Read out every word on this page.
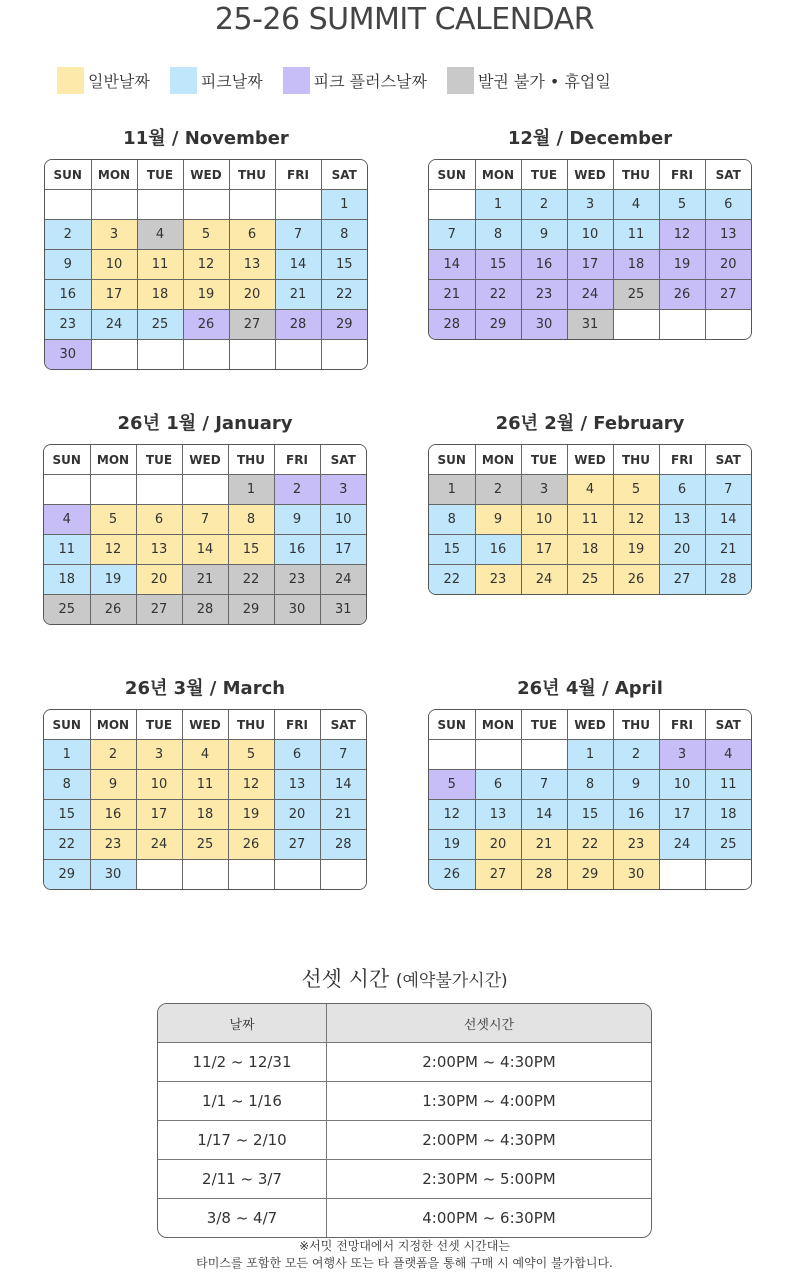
25-26 SUMMIT CALENDAR
일반날짜	피크날짜	피크 플러스날짜	발권 불가 • 휴업일
11월 / November
SUN	MON	TUE	WED	THU	FRI	SAT
						1
2	3	4	5	6	7	8
9	10	11	12	13	14	15
16	17	18	19	20	21	22
23	24	25	26	27	28	29
30						
12월 / December
SUN	MON	TUE	WED	THU	FRI	SAT
	1	2	3	4	5	6
7	8	9	10	11	12	13
14	15	16	17	18	19	20
21	22	23	24	25	26	27
28	29	30	31			
26년 1월 / January
SUN	MON	TUE	WED	THU	FRI	SAT
				1	2	3
4	5	6	7	8	9	10
11	12	13	14	15	16	17
18	19	20	21	22	23	24
25	26	27	28	29	30	31
26년 2월 / February
SUN	MON	TUE	WED	THU	FRI	SAT
1	2	3	4	5	6	7
8	9	10	11	12	13	14
15	16	17	18	19	20	21
22	23	24	25	26	27	28
26년 3월 / March
SUN	MON	TUE	WED	THU	FRI	SAT
1	2	3	4	5	6	7
8	9	10	11	12	13	14
15	16	17	18	19	20	21
22	23	24	25	26	27	28
29	30					
26년 4월 / April
SUN	MON	TUE	WED	THU	FRI	SAT
			1	2	3	4
5	6	7	8	9	10	11
12	13	14	15	16	17	18
19	20	21	22	23	24	25
26	27	28	29	30		
선셋 시간 (예약불가시간)
날짜	선셋시간
11/2 ~ 12/31	2:00PM ~ 4:30PM
1/1 ~ 1/16	1:30PM ~ 4:00PM
1/17 ~ 2/10	2:00PM ~ 4:30PM
2/11 ~ 3/7	2:30PM ~ 5:00PM
3/8 ~ 4/7	4:00PM ~ 6:30PM
※서밋 전망대에서 지정한 선셋 시간대는
타미스를 포함한 모든 여행사 또는 타 플랫폼을 통해 구매 시 예약이 불가합니다.
